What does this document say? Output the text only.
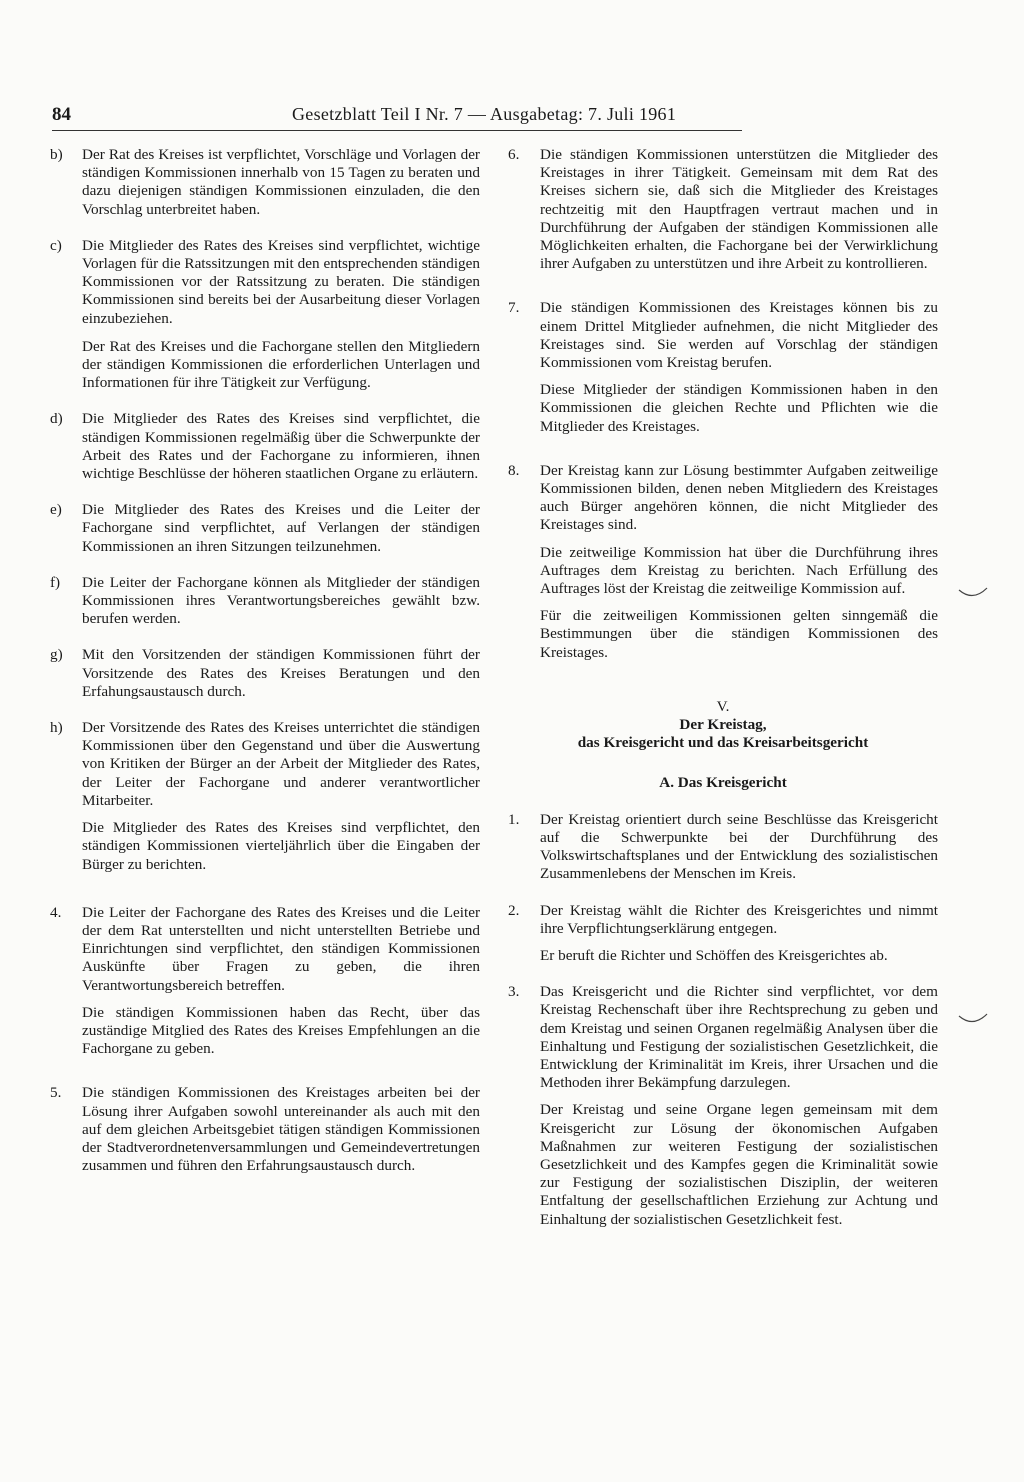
84	Gesetzblatt Teil I Nr. 7 — Ausgabetag: 7. Juli 1961
b)	Der Rat des Kreises ist verpflichtet, Vorschläge und Vorlagen der ständigen Kommissionen innerhalb von 15 Tagen zu beraten und dazu diejenigen ständigen Kommissionen einzuladen, die den Vorschlag unterbreitet haben.

c)	Die Mitglieder des Rates des Kreises sind verpflichtet, wichtige Vorlagen für die Ratssitzungen mit den entsprechenden ständigen Kommissionen vor der Ratssitzung zu beraten. Die ständigen Kommissionen sind bereits bei der Ausarbeitung dieser Vorlagen einzubeziehen.

Der Rat des Kreises und die Fachorgane stellen den Mitgliedern der ständigen Kommissionen die erforderlichen Unterlagen und Informationen für ihre Tätigkeit zur Verfügung.

d)	Die Mitglieder des Rates des Kreises sind verpflichtet, die ständigen Kommissionen regelmäßig über die Schwerpunkte der Arbeit des Rates und der Fachorgane zu informieren, ihnen wichtige Beschlüsse der höheren staatlichen Organe zu erläutern.

e)	Die Mitglieder des Rates des Kreises und die Leiter der Fachorgane sind verpflichtet, auf Verlangen der ständigen Kommissionen an ihren Sitzungen teilzunehmen.

f)	Die Leiter der Fachorgane können als Mitglieder der ständigen Kommissionen ihres Verantwortungsbereiches gewählt bzw. berufen werden.

g)	Mit den Vorsitzenden der ständigen Kommissionen führt der Vorsitzende des Rates des Kreises Beratungen und den Erfahungsaustausch durch.

h)	Der Vorsitzende des Rates des Kreises unterrichtet die ständigen Kommissionen über den Gegenstand und über die Auswertung von Kritiken der Bürger an der Arbeit der Mitglieder des Rates, der Leiter der Fachorgane und anderer verantwortlicher Mitarbeiter.

Die Mitglieder des Rates des Kreises sind verpflichtet, den ständigen Kommissionen vierteljährlich über die Eingaben der Bürger zu berichten.

4.	Die Leiter der Fachorgane des Rates des Kreises und die Leiter der dem Rat unterstellten und nicht unterstellten Betriebe und Einrichtungen sind verpflichtet, den ständigen Kommissionen Auskünfte über Fragen zu geben, die ihren Verantwortungsbereich betreffen.

Die ständigen Kommissionen haben das Recht, über das zuständige Mitglied des Rates des Kreises Empfehlungen an die Fachorgane zu geben.

5.	Die ständigen Kommissionen des Kreistages arbeiten bei der Lösung ihrer Aufgaben sowohl untereinander als auch mit den auf dem gleichen Arbeitsgebiet tätigen ständigen Kommissionen der Stadtverordnetenversammlungen und Gemeindevertretungen zusammen und führen den Erfahrungsaustausch durch.

6.	Die ständigen Kommissionen unterstützen die Mitglieder des Kreistages in ihrer Tätigkeit. Gemeinsam mit dem Rat des Kreises sichern sie, daß sich die Mitglieder des Kreistages rechtzeitig mit den Hauptfragen vertraut machen und in Durchführung der Aufgaben der ständigen Kommissionen alle Möglichkeiten erhalten, die Fachorgane bei der Verwirklichung ihrer Aufgaben zu unterstützen und ihre Arbeit zu kontrollieren.

7.	Die ständigen Kommissionen des Kreistages können bis zu einem Drittel Mitglieder aufnehmen, die nicht Mitglieder des Kreistages sind. Sie werden auf Vorschlag der ständigen Kommissionen vom Kreistag berufen.

Diese Mitglieder der ständigen Kommissionen haben in den Kommissionen die gleichen Rechte und Pflichten wie die Mitglieder des Kreistages.

8.	Der Kreistag kann zur Lösung bestimmter Aufgaben zeitweilige Kommissionen bilden, denen neben Mitgliedern des Kreistages auch Bürger angehören können, die nicht Mitglieder des Kreistages sind.

Die zeitweilige Kommission hat über die Durchführung ihres Auftrages dem Kreistag zu berichten. Nach Erfüllung des Auftrages löst der Kreistag die zeitweilige Kommission auf.

Für die zeitweiligen Kommissionen gelten sinngemäß die Bestimmungen über die ständigen Kommissionen des Kreistages.

V.
Der Kreistag,
das Kreisgericht und das Kreisarbeitsgericht
A. Das Kreisgericht
1.	Der Kreistag orientiert durch seine Beschlüsse das Kreisgericht auf die Schwerpunkte bei der Durchführung des Volkswirtschaftsplanes und der Entwicklung des sozialistischen Zusammenlebens der Menschen im Kreis.

2.	Der Kreistag wählt die Richter des Kreisgerichtes und nimmt ihre Verpflichtungserklärung entgegen.

Er beruft die Richter und Schöffen des Kreisgerichtes ab.

3.	Das Kreisgericht und die Richter sind verpflichtet, vor dem Kreistag Rechenschaft über ihre Rechtsprechung zu geben und dem Kreistag und seinen Organen regelmäßig Analysen über die Einhaltung und Festigung der sozialistischen Gesetzlichkeit, die Entwicklung der Kriminalität im Kreis, ihrer Ursachen und die Methoden ihrer Bekämpfung darzulegen.

Der Kreistag und seine Organe legen gemeinsam mit dem Kreisgericht zur Lösung der ökonomischen Aufgaben Maßnahmen zur weiteren Festigung der sozialistischen Gesetzlichkeit und des Kampfes gegen die Kriminalität sowie zur Festigung der sozialistischen Disziplin, der weiteren Entfaltung der gesellschaftlichen Erziehung zur Achtung und Einhaltung der sozialistischen Gesetzlichkeit fest.
